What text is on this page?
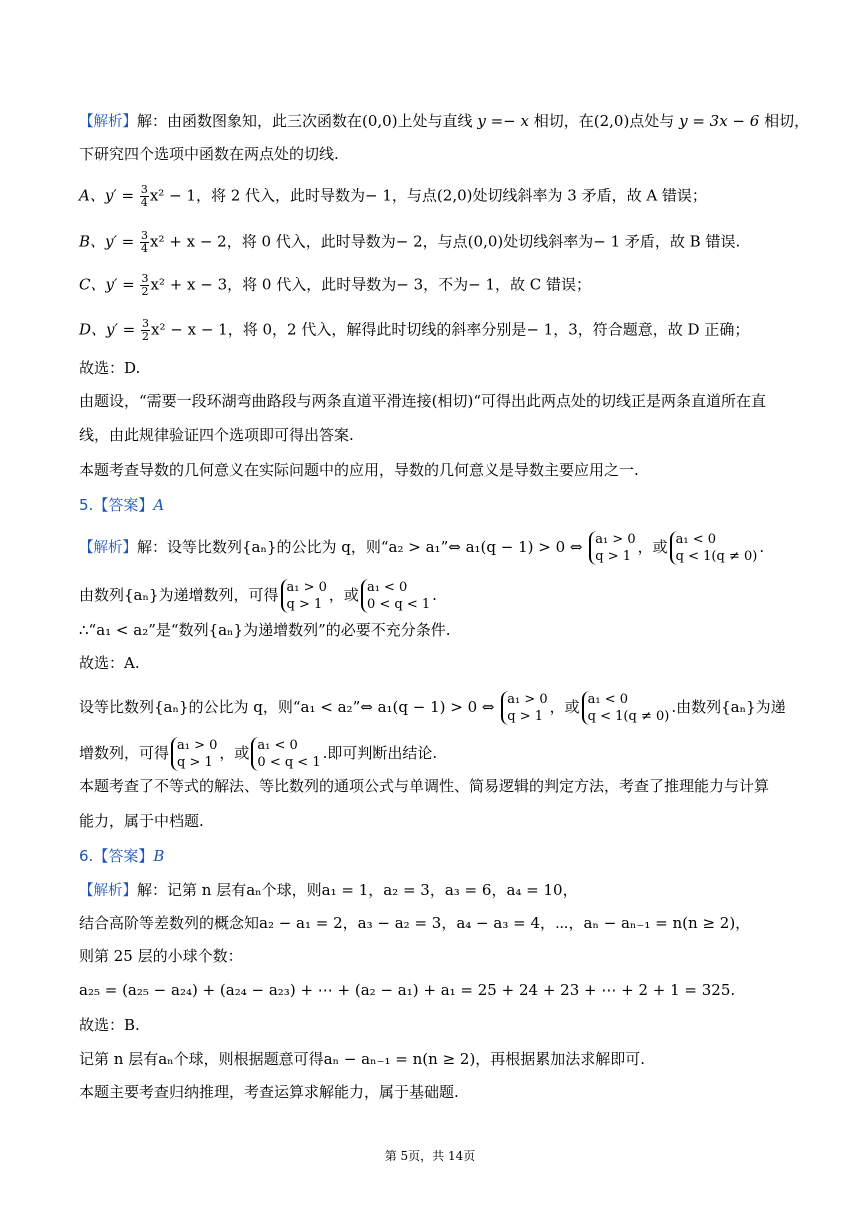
【解析】解：由函数图象知，此三次函数在(0,0)上处与直线 y =− x 相切，在(2,0)点处与 y = 3x − 6 相切，
下研究四个选项中函数在两点处的切线.
A、$y' = \frac{3}{4} x^2 - 1$，将 2 代入，此时导数为− 1，与点(2,0)处切线斜率为 3 矛盾，故 A 错误；
B、$y' = \frac{3}{4} x^2 + x - 2$，将 0 代入，此时导数为− 2，与点(0,0)处切线斜率为− 1 矛盾，故 B 错误.
C、$y' = \frac{3}{2} x^2 + x - 3$，将 0 代入，此时导数为− 3，不为− 1，故 C 错误；
D、$y' = \frac{3}{2} x^2 - x - 1$，将 0，2 代入，解得此时切线的斜率分别是− 1，3，符合题意，故 D 正确；
故选：D.
由题设，“需要一段环湖弯曲路段与两条直道平滑连接(相切)“可得出此两点处的切线正是两条直道所在直
线，由此规律验证四个选项即可得出答案.
本题考查导数的几何意义在实际问题中的应用，导数的几何意义是导数主要应用之一.
5.【答案】A
【解析】解：设等比数列{aₙ}的公比为 q，则“a₂ > a₁”⇔ a₁(q − 1) > 0 ⇔ a₁ > 0
q > 1
，或 a₁ < 0
q < 1(q ≠ 0)
.
由数列{aₙ}为递增数列，可得 a₁ > 0
q > 1
，或 a₁ < 0
0 < q < 1
.
∴“a₁ < a₂”是“数列{aₙ}为递增数列”的必要不充分条件.
故选：A.
设等比数列{aₙ}的公比为 q，则“a₁ < a₂”⇔ a₁(q − 1) > 0 ⇔ a₁ > 0
q > 1
，或 a₁ < 0
q < 1(q ≠ 0)
.由数列{aₙ}为递
增数列，可得 a₁ > 0
q > 1
，或 a₁ < 0
0 < q < 1
.即可判断出结论.
本题考查了不等式的解法、等比数列的通项公式与单调性、简易逻辑的判定方法，考查了推理能力与计算
能力，属于中档题.
6.【答案】B
【解析】解：记第 n 层有aₙ个球，则a₁ = 1，a₂ = 3，a₃ = 6，a₄ = 10，
结合高阶等差数列的概念知a₂ − a₁ = 2，a₃ − a₂ = 3，a₄ − a₃ = 4，⋯，aₙ − aₙ₋₁ = n(n ≥ 2)，
则第 25 层的小球个数：
a₂₅ = (a₂₅ − a₂₄) + (a₂₄ − a₂₃) + ⋯ + (a₂ − a₁) + a₁ = 25 + 24 + 23 + ⋯ + 2 + 1 = 325.
故选：B.
记第 n 层有aₙ个球，则根据题意可得aₙ − aₙ₋₁ = n(n ≥ 2)，再根据累加法求解即可.
本题主要考查归纳推理，考查运算求解能力，属于基础题.
第 5页，共 14页
